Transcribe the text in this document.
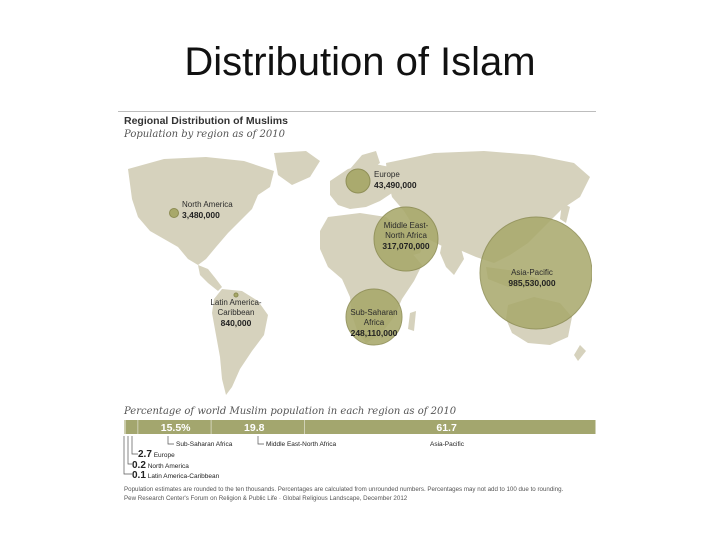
Distribution of Islam
Regional Distribution of Muslims
Population by region as of 2010
Europe
43,490,000
North America
3,480,000
Middle East-
North Africa
317,070,000
Asia-Pacific
985,530,000
Latin America-
Caribbean
840,000
Sub-Saharan
Africa
248,110,000
Percentage of world Muslim population in each region as of 2010
15.5%	19.8	61.7
Sub-Saharan Africa	Middle East-North Africa	Asia-Pacific
2.7 Europe
0.2 North America
0.1 Latin America-Caribbean
Population estimates are rounded to the ten thousands. Percentages are calculated from unrounded numbers. Percentages may not add to 100 due to rounding.
Pew Research Center's Forum on Religion & Public Life · Global Religious Landscape, December 2012
